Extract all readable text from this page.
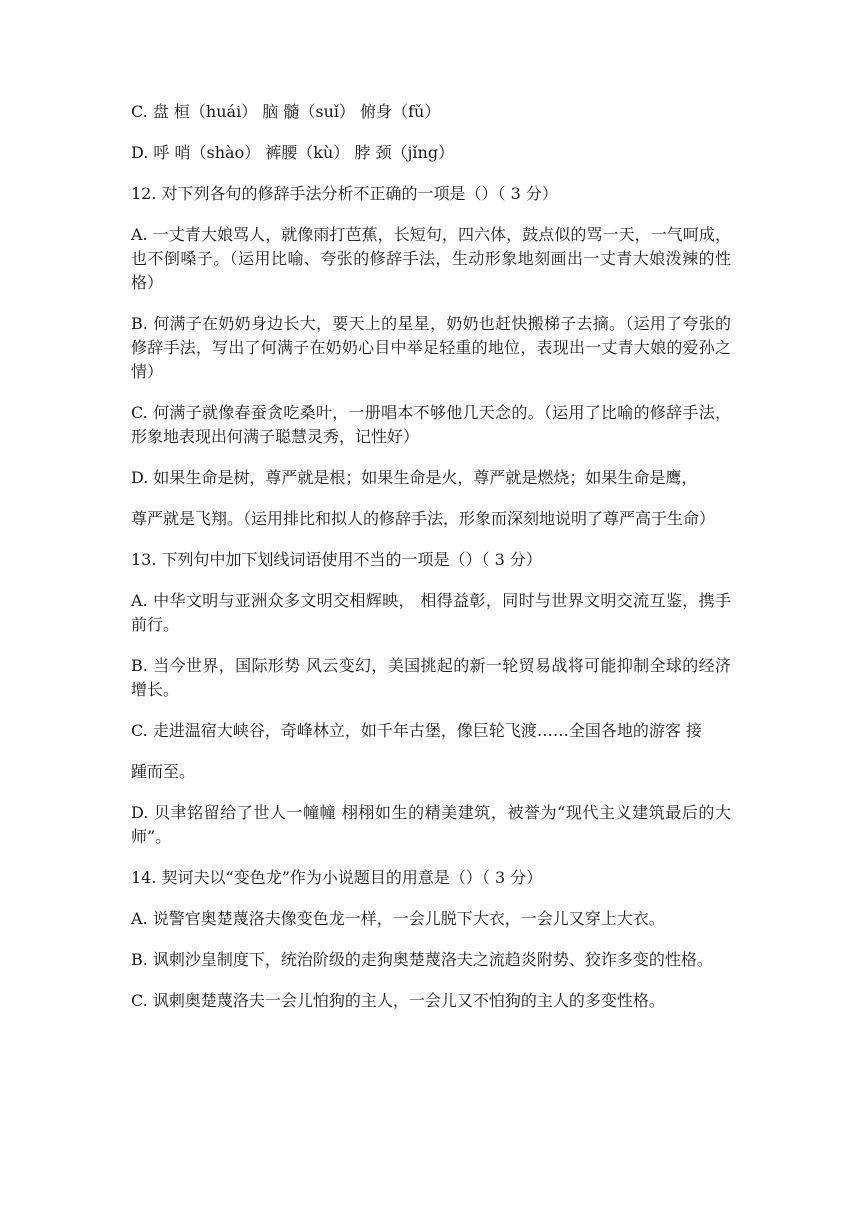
C. 盘 桓（huái） 脑 髓（suǐ） 俯身（fǔ）

D. 呼 哨（shào） 裤腰（kù） 脖 颈（jǐng）

12. 对下列各句的修辞手法分析不正确的一项是（）（ 3 分）

A. 一丈青大娘骂人，就像雨打芭蕉，长短句，四六体，鼓点似的骂一天，一气呵成，也不倒嗓子。（运用比喻、夸张的修辞手法，生动形象地刻画出一丈青大娘泼辣的性格）

B. 何满子在奶奶身边长大，要天上的星星，奶奶也赶快搬梯子去摘。（运用了夸张的修辞手法，写出了何满子在奶奶心目中举足轻重的地位，表现出一丈青大娘的爱孙之情）

C. 何满子就像春蚕贪吃桑叶，一册唱本不够他几天念的。（运用了比喻的修辞手法，形象地表现出何满子聪慧灵秀，记性好）

D. 如果生命是树，尊严就是根；如果生命是火，尊严就是燃烧；如果生命是鹰，

尊严就是飞翔。（运用排比和拟人的修辞手法，形象而深刻地说明了尊严高于生命）

13. 下列句中加下划线词语使用不当的一项是（）（ 3 分）

A. 中华文明与亚洲众多文明交相辉映， 相得益彰，同时与世界文明交流互鉴，携手前行。

B. 当今世界，国际形势 风云变幻，美国挑起的新一轮贸易战将可能抑制全球的经济增长。

C. 走进温宿大峡谷，奇峰林立，如千年古堡，像巨轮飞渡……全国各地的游客 接

踵而至。

D. 贝聿铭留给了世人一幢幢 栩栩如生的精美建筑，被誉为“现代主义建筑最后的大师”。

14. 契诃夫以“变色龙”作为小说题目的用意是（）（ 3 分）

A. 说警官奥楚蔑洛夫像变色龙一样，一会儿脱下大衣，一会儿又穿上大衣。

B. 讽刺沙皇制度下，统治阶级的走狗奥楚蔑洛夫之流趋炎附势、狡诈多变的性格。

C. 讽刺奥楚蔑洛夫一会儿怕狗的主人，一会儿又不怕狗的主人的多变性格。
